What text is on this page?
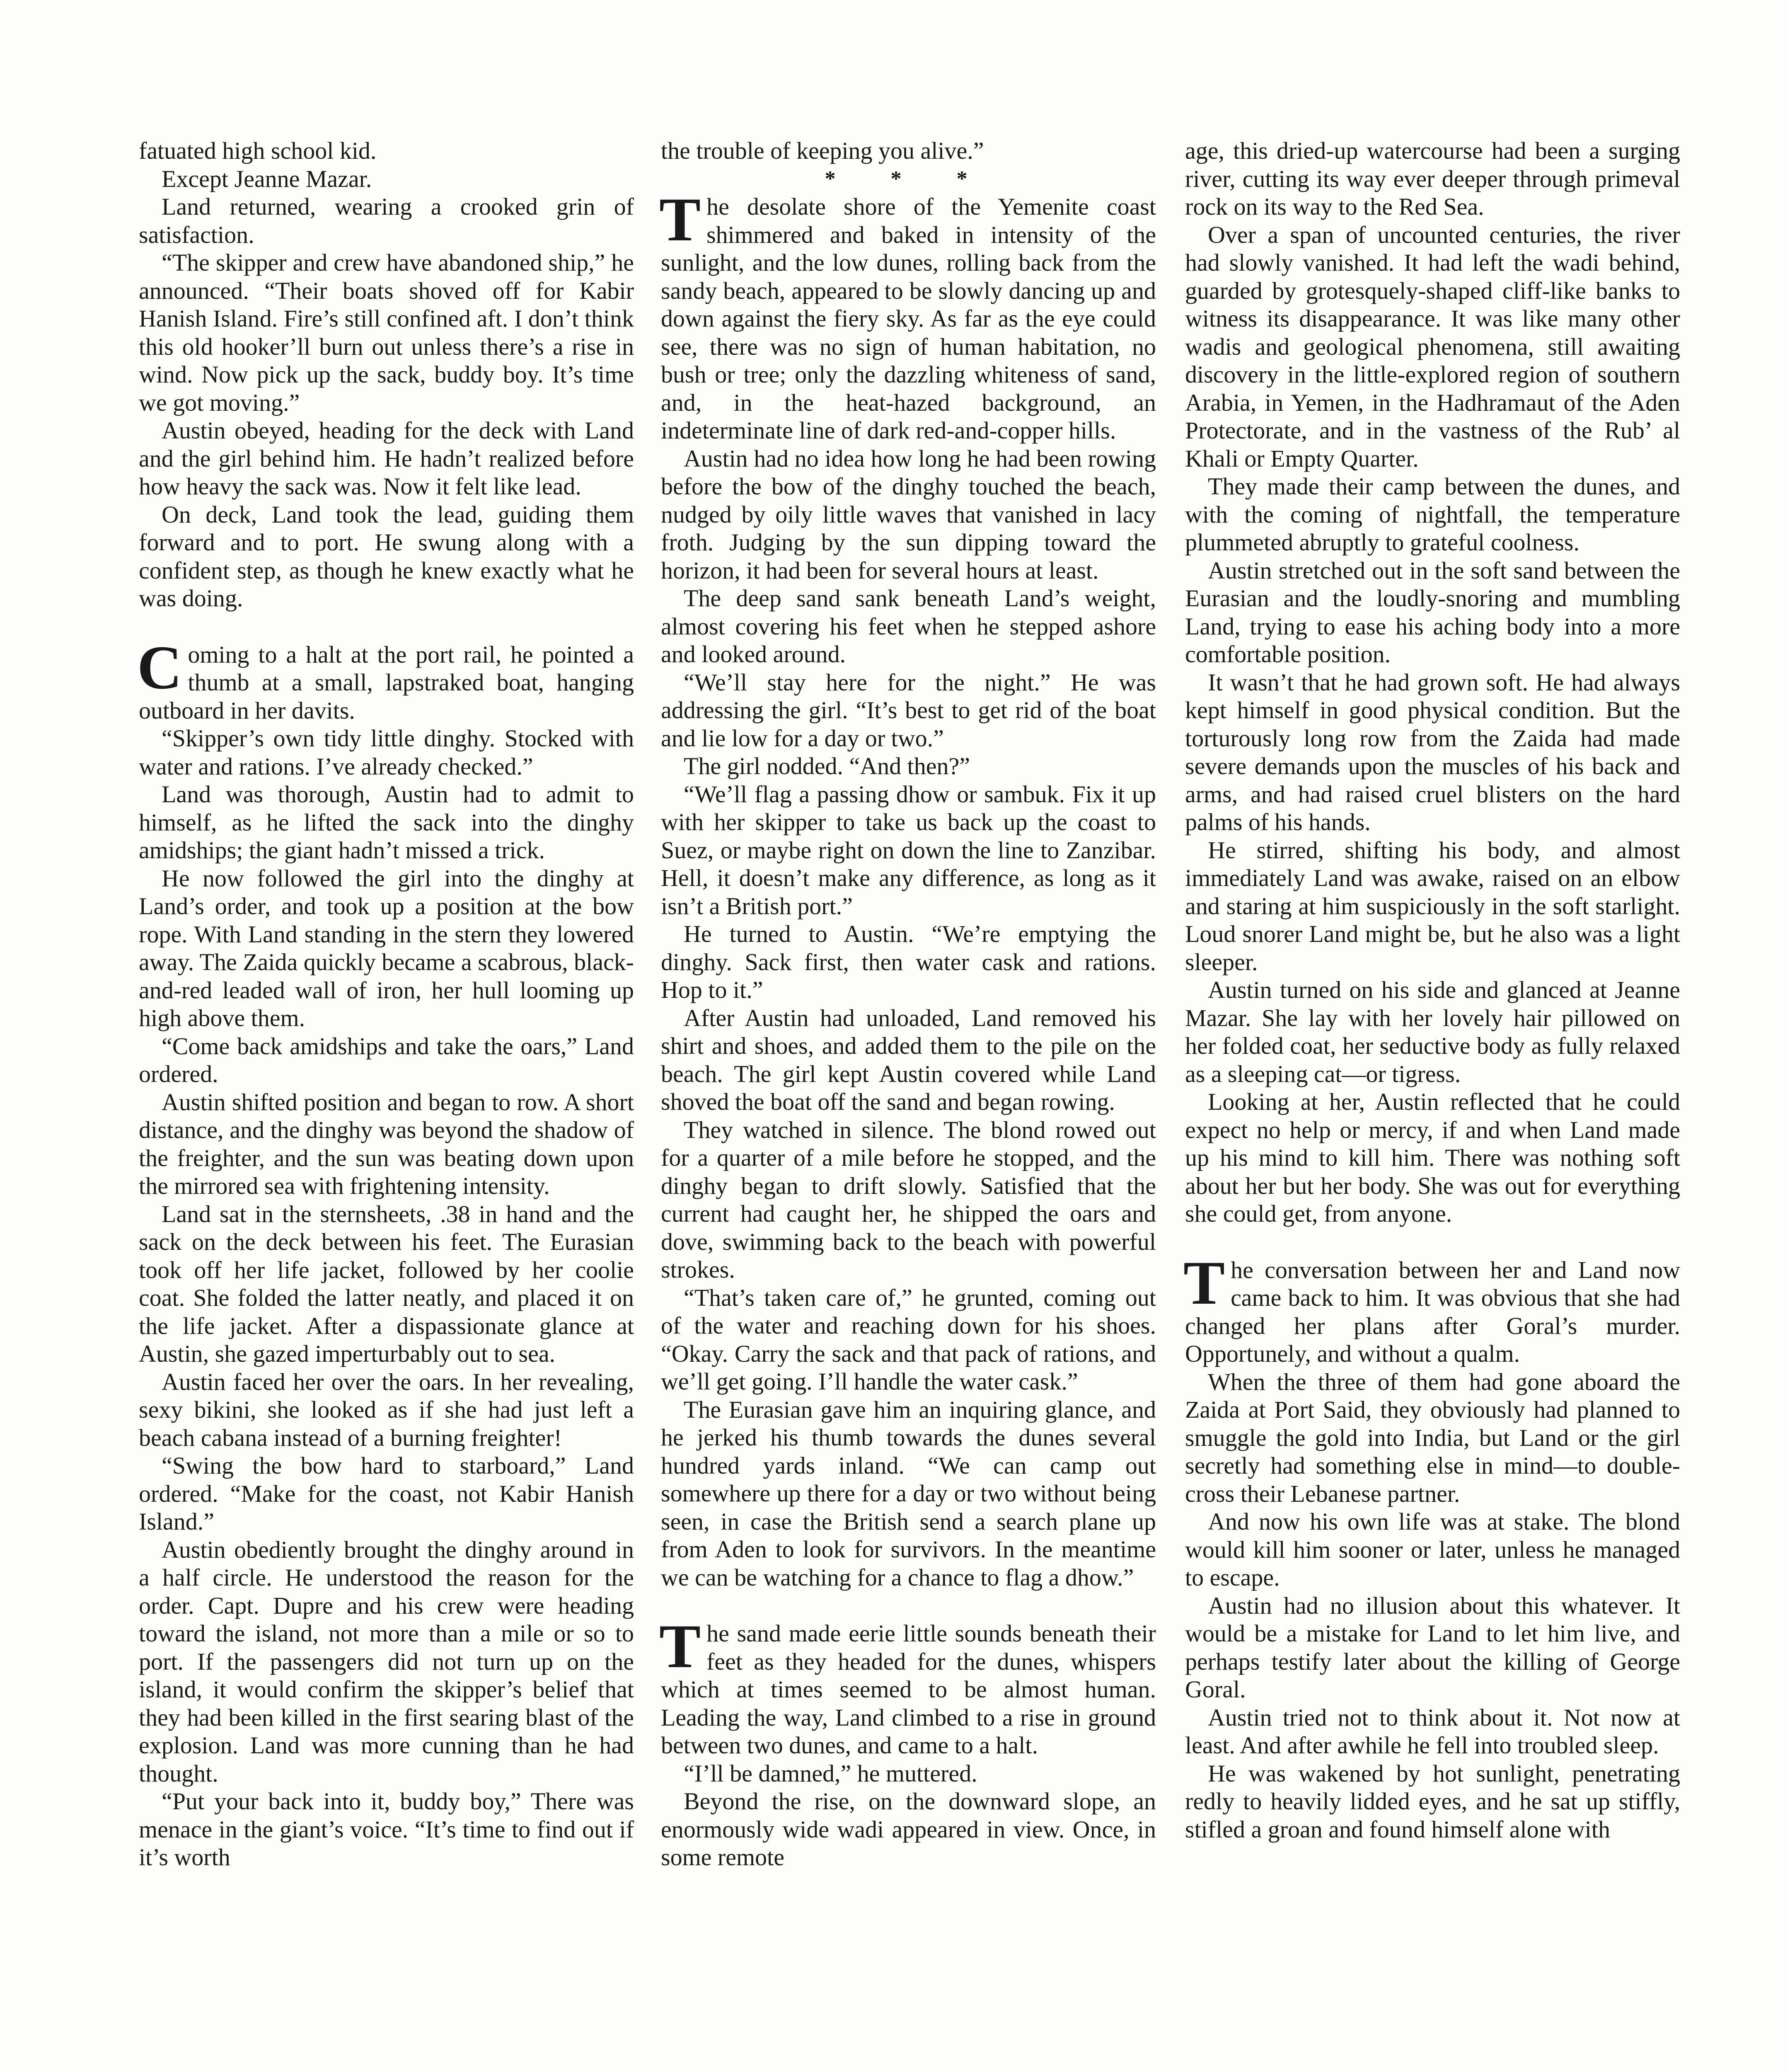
fatuated high school kid.

Except Jeanne Mazar.

Land returned, wearing a crooked grin of satisfaction.

“The skipper and crew have abandoned ship,” he announced. “Their boats shoved off for Kabir Hanish Island. Fire’s still confined aft. I don’t think this old hooker’ll burn out unless there’s a rise in wind. Now pick up the sack, buddy boy. It’s time we got moving.”

Austin obeyed, heading for the deck with Land and the girl behind him. He hadn’t realized before how heavy the sack was. Now it felt like lead.

On deck, Land took the lead, guiding them forward and to port. He swung along with a confident step, as though he knew exactly what he was doing.

Coming to a halt at the port rail, he pointed a thumb at a small, lapstraked boat, hanging outboard in her davits.

“Skipper’s own tidy little dinghy. Stocked with water and rations. I’ve already checked.”

Land was thorough, Austin had to admit to himself, as he lifted the sack into the dinghy amidships; the giant hadn’t missed a trick.

He now followed the girl into the dinghy at Land’s order, and took up a position at the bow rope. With Land standing in the stern they lowered away. The Zaida quickly became a scabrous, black-and-red leaded wall of iron, her hull looming up high above them.

“Come back amidships and take the oars,” Land ordered.

Austin shifted position and began to row. A short distance, and the dinghy was beyond the shadow of the freighter, and the sun was beating down upon the mirrored sea with frightening intensity.

Land sat in the sternsheets, .38 in hand and the sack on the deck between his feet. The Eurasian took off her life jacket, followed by her coolie coat. She folded the latter neatly, and placed it on the life jacket. After a dispassionate glance at Austin, she gazed imperturbably out to sea.

Austin faced her over the oars. In her revealing, sexy bikini, she looked as if she had just left a beach cabana instead of a burning freighter!

“Swing the bow hard to starboard,” Land ordered. “Make for the coast, not Kabir Hanish Island.”

Austin obediently brought the dinghy around in a half circle. He understood the reason for the order. Capt. Dupre and his crew were heading toward the island, not more than a mile or so to port. If the passengers did not turn up on the island, it would confirm the skipper’s belief that they had been killed in the first searing blast of the explosion. Land was more cunning than he had thought.

“Put your back into it, buddy boy,” There was menace in the giant’s voice. “It’s time to find out if it’s worth

the trouble of keeping you alive.”

* * *

The desolate shore of the Yemenite coast shimmered and baked in intensity of the sunlight, and the low dunes, rolling back from the sandy beach, appeared to be slowly dancing up and down against the fiery sky. As far as the eye could see, there was no sign of human habitation, no bush or tree; only the dazzling whiteness of sand, and, in the heat-hazed background, an indeterminate line of dark red-and-copper hills.

Austin had no idea how long he had been rowing before the bow of the dinghy touched the beach, nudged by oily little waves that vanished in lacy froth. Judging by the sun dipping toward the horizon, it had been for several hours at least.

The deep sand sank beneath Land’s weight, almost covering his feet when he stepped ashore and looked around.

“We’ll stay here for the night.” He was addressing the girl. “It’s best to get rid of the boat and lie low for a day or two.”

The girl nodded. “And then?”

“We’ll flag a passing dhow or sambuk. Fix it up with her skipper to take us back up the coast to Suez, or maybe right on down the line to Zanzibar. Hell, it doesn’t make any difference, as long as it isn’t a British port.”

He turned to Austin. “We’re emptying the dinghy. Sack first, then water cask and rations. Hop to it.”

After Austin had unloaded, Land removed his shirt and shoes, and added them to the pile on the beach. The girl kept Austin covered while Land shoved the boat off the sand and began rowing.

They watched in silence. The blond rowed out for a quarter of a mile before he stopped, and the dinghy began to drift slowly. Satisfied that the current had caught her, he shipped the oars and dove, swimming back to the beach with powerful strokes.

“That’s taken care of,” he grunted, coming out of the water and reaching down for his shoes. “Okay. Carry the sack and that pack of rations, and we’ll get going. I’ll handle the water cask.”

The Eurasian gave him an inquiring glance, and he jerked his thumb towards the dunes several hundred yards inland. “We can camp out somewhere up there for a day or two without being seen, in case the British send a search plane up from Aden to look for survivors. In the meantime we can be watching for a chance to flag a dhow.”

The sand made eerie little sounds beneath their feet as they headed for the dunes, whispers which at times seemed to be almost human. Leading the way, Land climbed to a rise in ground between two dunes, and came to a halt.

“I’ll be damned,” he muttered.

Beyond the rise, on the downward slope, an enormously wide wadi appeared in view. Once, in some remote

age, this dried-up watercourse had been a surging river, cutting its way ever deeper through primeval rock on its way to the Red Sea.

Over a span of uncounted centuries, the river had slowly vanished. It had left the wadi behind, guarded by grotesquely-shaped cliff-like banks to witness its disappearance. It was like many other wadis and geological phenomena, still awaiting discovery in the little-explored region of southern Arabia, in Yemen, in the Hadhramaut of the Aden Protectorate, and in the vastness of the Rub’ al Khali or Empty Quarter.

They made their camp between the dunes, and with the coming of nightfall, the temperature plummeted abruptly to grateful coolness.

Austin stretched out in the soft sand between the Eurasian and the loudly-snoring and mumbling Land, trying to ease his aching body into a more comfortable position.

It wasn’t that he had grown soft. He had always kept himself in good physical condition. But the torturously long row from the Zaida had made severe demands upon the muscles of his back and arms, and had raised cruel blisters on the hard palms of his hands.

He stirred, shifting his body, and almost immediately Land was awake, raised on an elbow and staring at him suspiciously in the soft starlight. Loud snorer Land might be, but he also was a light sleeper.

Austin turned on his side and glanced at Jeanne Mazar. She lay with her lovely hair pillowed on her folded coat, her seductive body as fully relaxed as a sleeping cat—or tigress.

Looking at her, Austin reflected that he could expect no help or mercy, if and when Land made up his mind to kill him. There was nothing soft about her but her body. She was out for everything she could get, from anyone.

The conversation between her and Land now came back to him. It was obvious that she had changed her plans after Goral’s murder. Opportunely, and without a qualm.

When the three of them had gone aboard the Zaida at Port Said, they obviously had planned to smuggle the gold into India, but Land or the girl secretly had something else in mind—to double-cross their Lebanese partner.

And now his own life was at stake. The blond would kill him sooner or later, unless he managed to escape.

Austin had no illusion about this whatever. It would be a mistake for Land to let him live, and perhaps testify later about the killing of George Goral.

Austin tried not to think about it. Not now at least. And after awhile he fell into troubled sleep.

He was wakened by hot sunlight, penetrating redly to heavily lidded eyes, and he sat up stiffly, stifled a groan and found himself alone with
